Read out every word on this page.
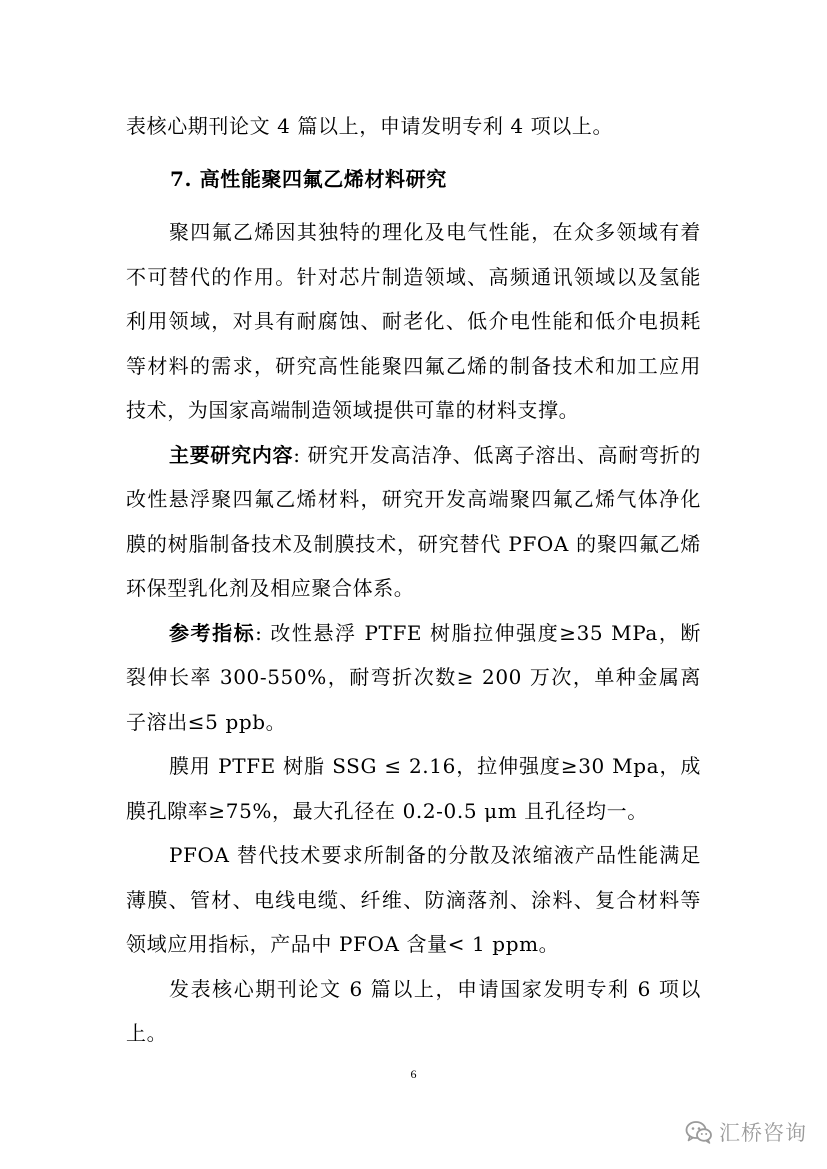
表核心期刊论文 4 篇以上，申请发明专利 4 项以上。
7. 高性能聚四氟乙烯材料研究

聚四氟乙烯因其独特的理化及电气性能，在众多领域有着不可替代的作用。针对芯片制造领域、高频通讯领域以及氢能利用领域，对具有耐腐蚀、耐老化、低介电性能和低介电损耗等材料的需求，研究高性能聚四氟乙烯的制备技术和加工应用技术，为国家高端制造领域提供可靠的材料支撑。

主要研究内容: 研究开发高洁净、低离子溶出、高耐弯折的改性悬浮聚四氟乙烯材料，研究开发高端聚四氟乙烯气体净化膜的树脂制备技术及制膜技术，研究替代 PFOA 的聚四氟乙烯环保型乳化剂及相应聚合体系。

参考指标: 改性悬浮 PTFE 树脂拉伸强度≥35 MPa，断裂伸长率 300-550%，耐弯折次数≥ 200 万次，单种金属离子溶出≤5 ppb。

膜用 PTFE 树脂 SSG ≤ 2.16，拉伸强度≥30 Mpa，成膜孔隙率≥75%，最大孔径在 0.2-0.5 μm 且孔径均一。

PFOA 替代技术要求所制备的分散及浓缩液产品性能满足薄膜、管材、电线电缆、纤维、防滴落剂、涂料、复合材料等领域应用指标，产品中 PFOA 含量< 1 ppm。

发表核心期刊论文 6 篇以上，申请国家发明专利 6 项以上。

6
汇桥咨询
